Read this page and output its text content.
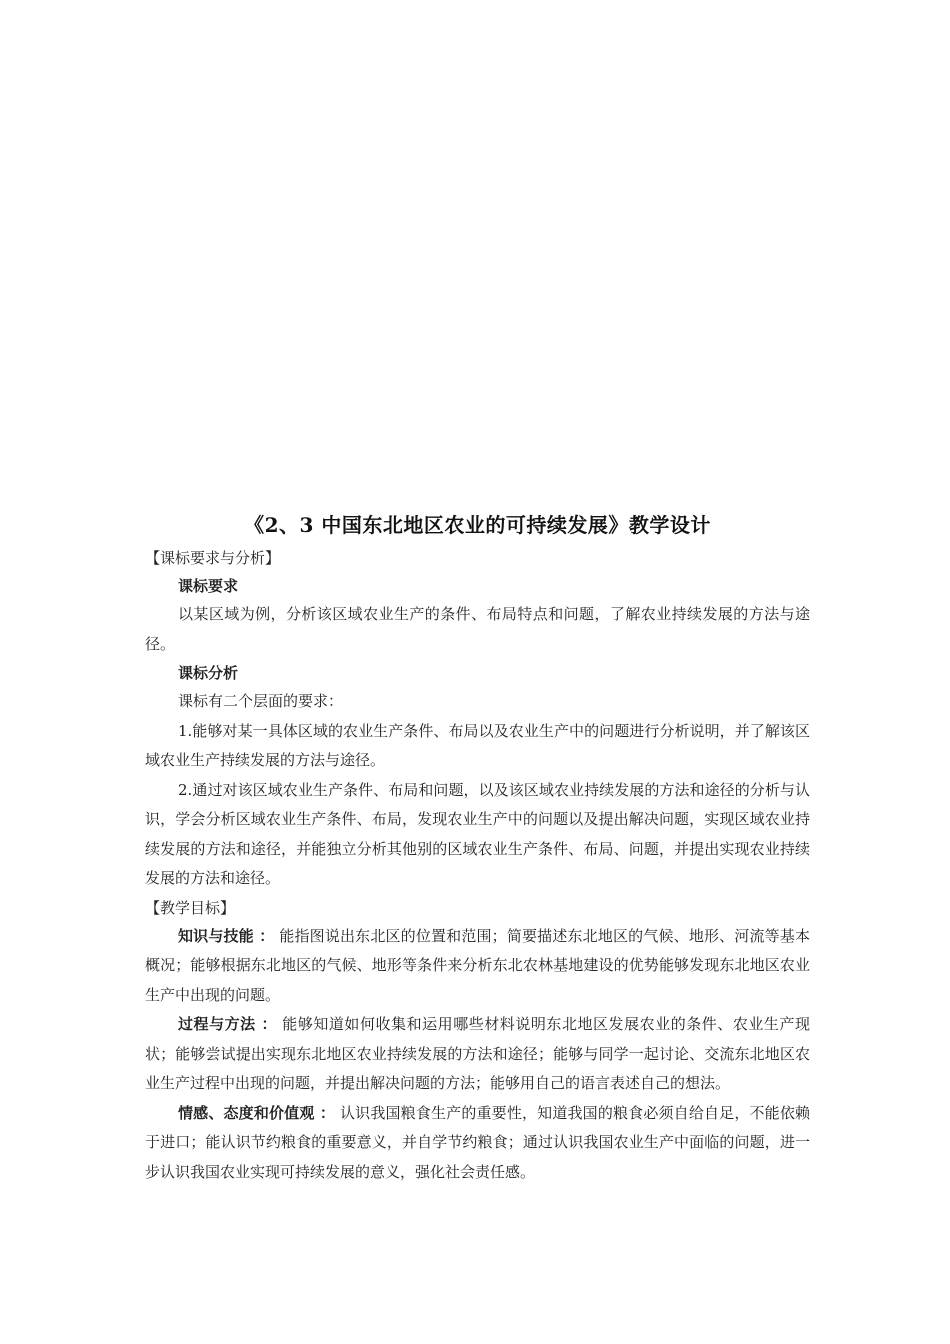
《2、3 中国东北地区农业的可持续发展》教学设计

【课标要求与分析】

课标要求

以某区域为例，分析该区域农业生产的条件、布局特点和问题，了解农业持续发展的方法与途径。

课标分析

课标有二个层面的要求：

1.能够对某一具体区域的农业生产条件、布局以及农业生产中的问题进行分析说明，并了解该区域农业生产持续发展的方法与途径。

2.通过对该区域农业生产条件、布局和问题，以及该区域农业持续发展的方法和途径的分析与认识，学会分析区域农业生产条件、布局，发现农业生产中的问题以及提出解决问题，实现区域农业持续发展的方法和途径，并能独立分析其他别的区域农业生产条件、布局、问题，并提出实现农业持续发展的方法和途径。

【教学目标】

知识与技能 ： 能指图说出东北区的位置和范围；简要描述东北地区的气候、地形、河流等基本概况；能够根据东北地区的气候、地形等条件来分析东北农林基地建设的优势能够发现东北地区农业生产中出现的问题。

过程与方法 ： 能够知道如何收集和运用哪些材料说明东北地区发展农业的条件、农业生产现状；能够尝试提出实现东北地区农业持续发展的方法和途径；能够与同学一起讨论、交流东北地区农业生产过程中出现的问题，并提出解决问题的方法；能够用自己的语言表述自己的想法。

情感、态度和价值观 ： 认识我国粮食生产的重要性，知道我国的粮食必须自给自足，不能依赖于进口；能认识节约粮食的重要意义，并自学节约粮食；通过认识我国农业生产中面临的问题，进一步认识我国农业实现可持续发展的意义，强化社会责任感。
